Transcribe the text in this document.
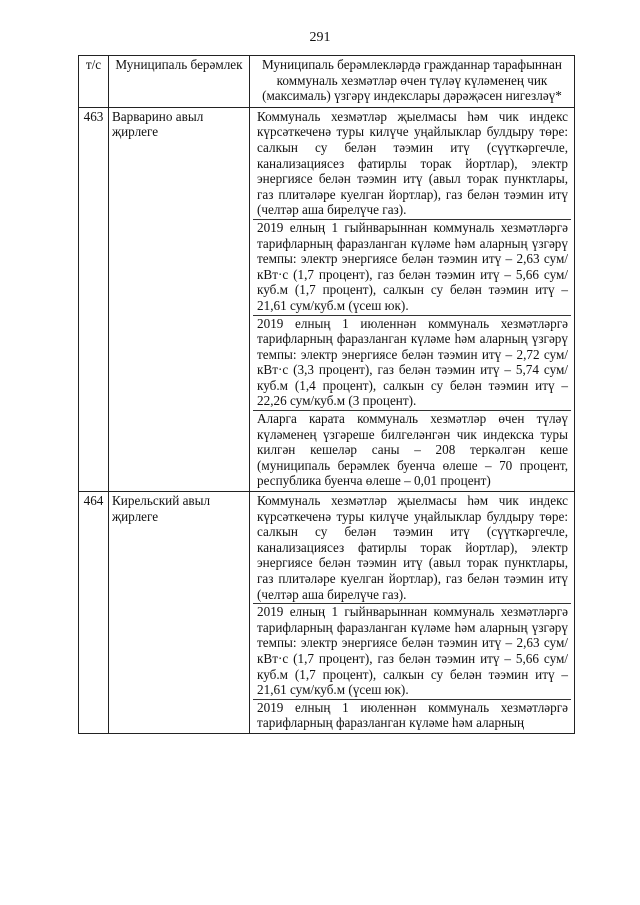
291
т/с	Муниципаль берәмлек	Муниципаль берәмлекләрдә гражданнар тарафыннан коммуналь хезмәтләр өчен түләү күләменең чик (максималь) үзгәрү индекслары дәрәҗәсен нигезләү*
463	Варварино авыл җирлеге	Коммуналь хезмәтләр җыелмасы һәм чик индекс күрсәткеченә туры килүче уңайлыклар булдыру төре: салкын су белән тәэмин итү (сүүткәргечле, канализациясез фатирлы торак йортлар), электр энергиясе белән тәэмин итү (авыл торак пунктлары, газ плитәләре куелган йортлар), газ белән тәэмин итү (челтәр аша бирелүче газ).
2019 елның 1 гыйнварыннан коммуналь хезмәтләргә тарифларның фаразланган күләме һәм аларның үзгәрү темпы: электр энергиясе белән тәэмин итү – 2,63 сум/кВт·с (1,7 процент), газ белән тәэмин итү – 5,66 сум/куб.м (1,7 процент), салкын су белән тәэмин итү – 21,61 сум/куб.м (үсеш юк).
2019 елның 1 июленнән коммуналь хезмәтләргә тарифларның фаразланган күләме һәм аларның үзгәрү темпы: электр энергиясе белән тәэмин итү – 2,72 сум/кВт·с (3,3 процент), газ белән тәэмин итү – 5,74 сум/куб.м (1,4 процент), салкын су белән тәэмин итү – 22,26 сум/куб.м (3 процент).
Аларга карата коммуналь хезмәтләр өчен түләү күләменең үзгәреше билгеләнгән чик индекска туры килгән кешеләр саны – 208 теркәлгән кеше (муниципаль берәмлек буенча өлеше – 70 процент, республика буенча өлеше – 0,01 процент)

464	Кирельский авыл җирлеге	Коммуналь хезмәтләр җыелмасы һәм чик индекс күрсәткеченә туры килүче уңайлыклар булдыру төре: салкын су белән тәэмин итү (сүүткәргечле, канализациясез фатирлы торак йортлар), электр энергиясе белән тәэмин итү (авыл торак пунктлары, газ плитәләре куелган йортлар), газ белән тәэмин итү (челтәр аша бирелүче газ).
2019 елның 1 гыйнварыннан коммуналь хезмәтләргә тарифларның фаразланган күләме һәм аларның үзгәрү темпы: электр энергиясе белән тәэмин итү – 2,63 сум/кВт·с (1,7 процент), газ белән тәэмин итү – 5,66 сум/куб.м (1,7 процент), салкын су белән тәэмин итү – 21,61 сум/куб.м (үсеш юк).
2019 елның 1 июленнән коммуналь хезмәтләргә тарифларның фаразланган күләме һәм аларның
